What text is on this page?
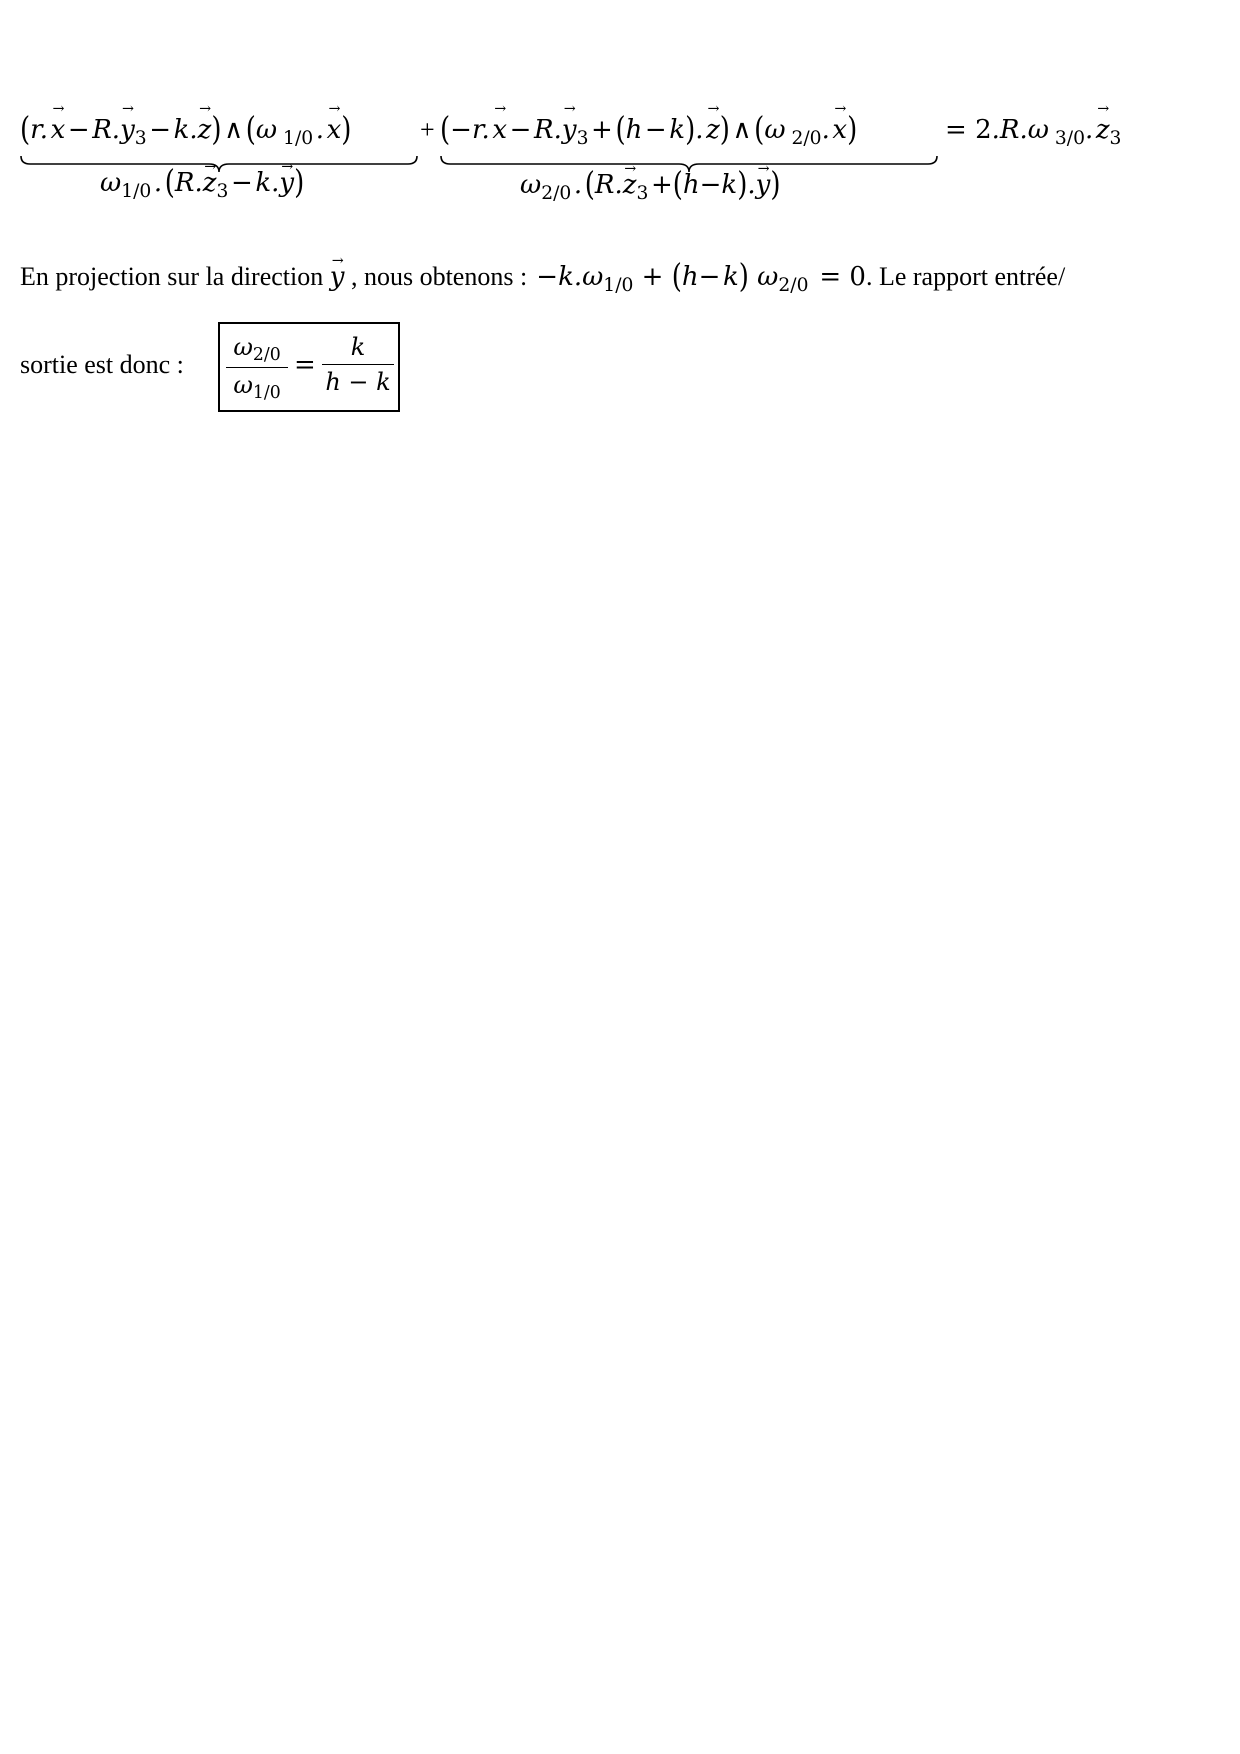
(r. → x − $R.\to y_3$ − k.→ z) ∧ (ω $_{1/0}$ . → x)
$\omega_{1/0}$ . ($R.\to z_3$ − k.→ y)
+ (−r. → x − $R.\to y_3$ + (h − k). → z) ∧ (ω $_{2/0}$. → x)
$\omega_{2/0}$ . ($R.\to z_3$ +(h−k).→ y)
= 2.R.ω $_{3/0}$. → $z_3$
En projection sur la direction → y , nous obtenons :  $-k.\omega_{1/0} + (h-$ k) $\omega_{2/0}$  = 0. Le rapport entrée/
sortie est donc :
$\omega_{2/0}$
$\omega_{1/0}$
=
k
h − k
